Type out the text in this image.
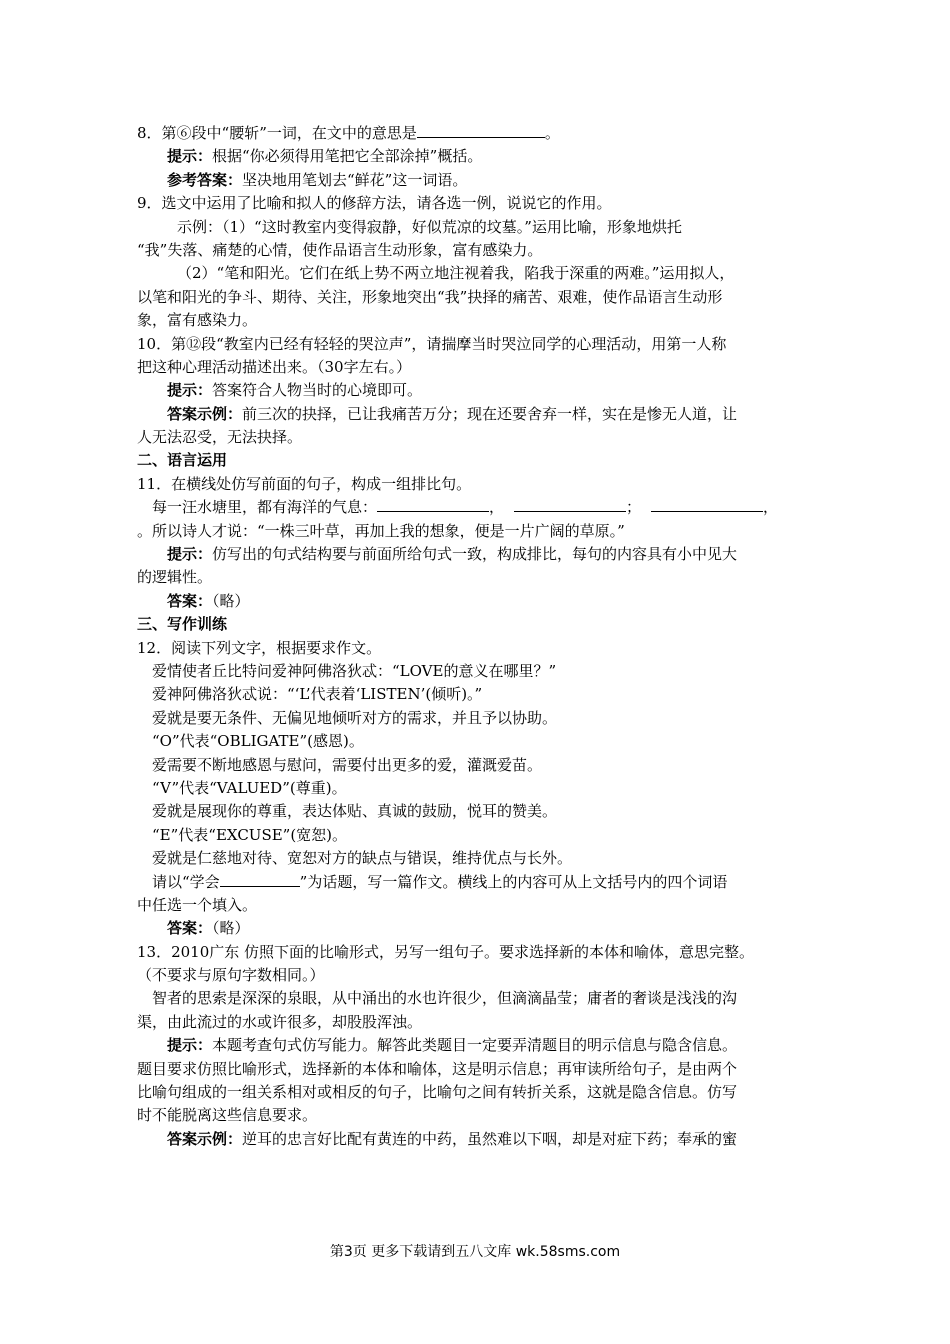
8．第⑥段中“腰斩”一词，在文中的意思是	。
提示：根据“你必须得用笔把它全部涂掉”概括。
参考答案：坚决地用笔划去“鲜花”这一词语。
9．选文中运用了比喻和拟人的修辞方法，请各选一例，说说它的作用。
示例：（1）“这时教室内变得寂静，好似荒凉的坟墓。”运用比喻，形象地烘托
“我”失落、痛楚的心情，使作品语言生动形象，富有感染力。
（2）“笔和阳光。它们在纸上势不两立地注视着我，陷我于深重的两难。”运用拟人，
以笔和阳光的争斗、期待、关注，形象地突出“我”抉择的痛苦、艰难，使作品语言生动形
象，富有感染力。
10．第⑫段“教室内已经有轻轻的哭泣声”，请揣摩当时哭泣同学的心理活动，用第一人称
把这种心理活动描述出来。（30字左右。）
提示：答案符合人物当时的心境即可。
答案示例：前三次的抉择，已让我痛苦万分；现在还要舍弃一样，实在是惨无人道，让
人无法忍受，无法抉择。
二、语言运用
11．在横线处仿写前面的句子，构成一组排比句。
每一汪水塘里，都有海洋的气息：	，	；	，
。所以诗人才说：“一株三叶草，再加上我的想象，便是一片广阔的草原。”
提示：仿写出的句式结构要与前面所给句式一致，构成排比，每句的内容具有小中见大
的逻辑性。
答案：（略）
三、写作训练
12．阅读下列文字，根据要求作文。
爱情使者丘比特问爱神阿佛洛狄忒：“LOVE的意义在哪里？”
爱神阿佛洛狄忒说：“‘L’代表着‘LISTEN’(倾听)。”
爱就是要无条件、无偏见地倾听对方的需求，并且予以协助。
“O”代表“OBLIGATE”(感恩)。
爱需要不断地感恩与慰问，需要付出更多的爱，灌溉爱苗。
“V”代表“VALUED”(尊重)。
爱就是展现你的尊重，表达体贴、真诚的鼓励，悦耳的赞美。
“E”代表“EXCUSE”(宽恕)。
爱就是仁慈地对待、宽恕对方的缺点与错误，维持优点与长外。
请以“学会	”为话题，写一篇作文。横线上的内容可从上文括号内的四个词语
中任选一个填入。
答案：（略）
13．2010广东 仿照下面的比喻形式，另写一组句子。要求选择新的本体和喻体，意思完整。
（不要求与原句字数相同。）
智者的思索是深深的泉眼，从中涌出的水也许很少，但滴滴晶莹；庸者的奢谈是浅浅的沟
渠，由此流过的水或许很多，却股股浑浊。
提示：本题考查句式仿写能力。解答此类题目一定要弄清题目的明示信息与隐含信息。
题目要求仿照比喻形式，选择新的本体和喻体，这是明示信息；再审读所给句子，是由两个
比喻句组成的一组关系相对或相反的句子，比喻句之间有转折关系，这就是隐含信息。仿写
时不能脱离这些信息要求。
答案示例：逆耳的忠言好比配有黄连的中药，虽然难以下咽，却是对症下药；奉承的蜜
第3页 更多下载请到五八文库 wk.58sms.com
